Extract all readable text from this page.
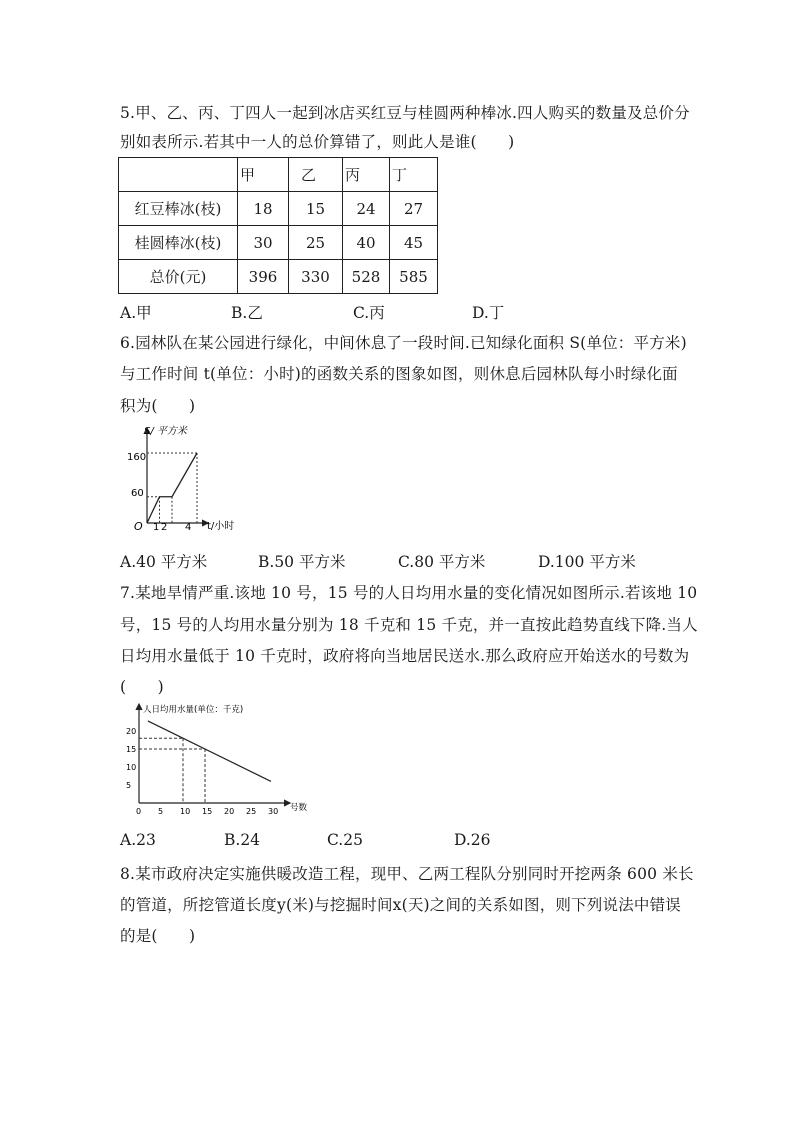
5.甲、乙、丙、丁四人一起到冰店买红豆与桂圆两种棒冰.四人购买的数量及总价分
别如表所示.若其中一人的总价算错了，则此人是谁(　　)
	甲	乙	丙	丁
红豆棒冰(枝)	18	15	24	27
桂圆棒冰(枝)	30	25	40	45
总价(元)	396	330	528	585
A.甲	B.乙	C.丙	D.丁
6.园林队在某公园进行绿化，中间休息了一段时间.已知绿化面积 S(单位：平方米)
与工作时间 t(单位：小时)的函数关系的图象如图，则休息后园林队每小时绿化面
积为(　　)
S/ 平方米
t/小时
O
160
60
1 2 4
A.40 平方米	B.50 平方米	C.80 平方米	D.100 平方米
7.某地旱情严重.该地 10 号，15 号的人日均用水量的变化情况如图所示.若该地 10
号，15 号的人均用水量分别为 18 千克和 15 千克，并一直按此趋势直线下降.当人
日均用水量低于 10 千克时，政府将向当地居民送水.那么政府应开始送水的号数为
(　　)
人日均用水量(单位：千克)
号数
20
15
10
5
0 5 10 15 20 25 30
A.23	B.24	C.25	D.26
8.某市政府决定实施供暖改造工程，现甲、乙两工程队分别同时开挖两条 600 米长
的管道，所挖管道长度y(米)与挖掘时间x(天)之间的关系如图，则下列说法中错误
的是(　　)
